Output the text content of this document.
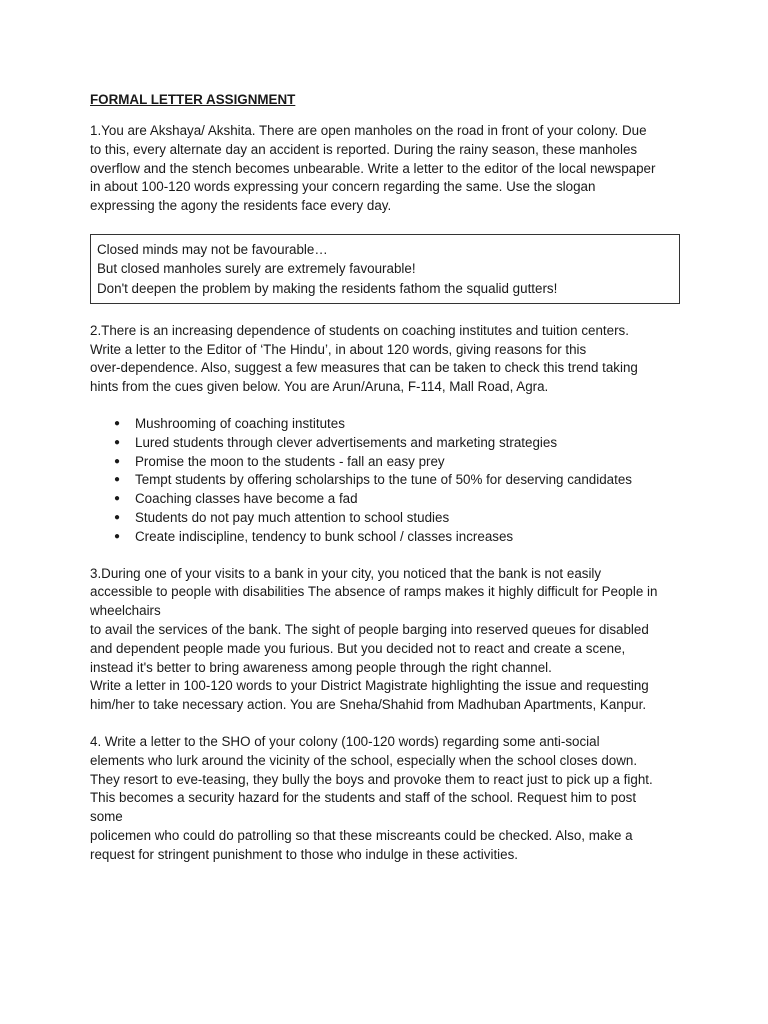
FORMAL LETTER ASSIGNMENT
1.You are Akshaya/ Akshita. There are open manholes on the road in front of your colony. Due
to this, every alternate day an accident is reported. During the rainy season, these manholes
overflow and the stench becomes unbearable. Write a letter to the editor of the local newspaper
in about 100-120 words expressing your concern regarding the same. Use the slogan
expressing the agony the residents face every day.
Closed minds may not be favourable…
But closed manholes surely are extremely favourable!
Don't deepen the problem by making the residents fathom the squalid gutters!
2.There is an increasing dependence of students on coaching institutes and tuition centers.
Write a letter to the Editor of ‘The Hindu’, in about 120 words, giving reasons for this
over-dependence. Also, suggest a few measures that can be taken to check this trend taking
hints from the cues given below. You are Arun/Aruna, F-114, Mall Road, Agra.
● Mushrooming of coaching institutes
● Lured students through clever advertisements and marketing strategies
● Promise the moon to the students - fall an easy prey
● Tempt students by offering scholarships to the tune of 50% for deserving candidates
● Coaching classes have become a fad
● Students do not pay much attention to school studies
● Create indiscipline, tendency to bunk school / classes increases
3.During one of your visits to a bank in your city, you noticed that the bank is not easily
accessible to people with disabilities The absence of ramps makes it highly difficult for People in
wheelchairs
to avail the services of the bank. The sight of people barging into reserved queues for disabled
and dependent people made you furious. But you decided not to react and create a scene,
instead it's better to bring awareness among people through the right channel.
Write a letter in 100-120 words to your District Magistrate highlighting the issue and requesting
him/her to take necessary action. You are Sneha/Shahid from Madhuban Apartments, Kanpur.
4. Write a letter to the SHO of your colony (100-120 words) regarding some anti-social
elements who lurk around the vicinity of the school, especially when the school closes down.
They resort to eve-teasing, they bully the boys and provoke them to react just to pick up a fight.
This becomes a security hazard for the students and staff of the school. Request him to post
some
policemen who could do patrolling so that these miscreants could be checked. Also, make a
request for stringent punishment to those who indulge in these activities.
